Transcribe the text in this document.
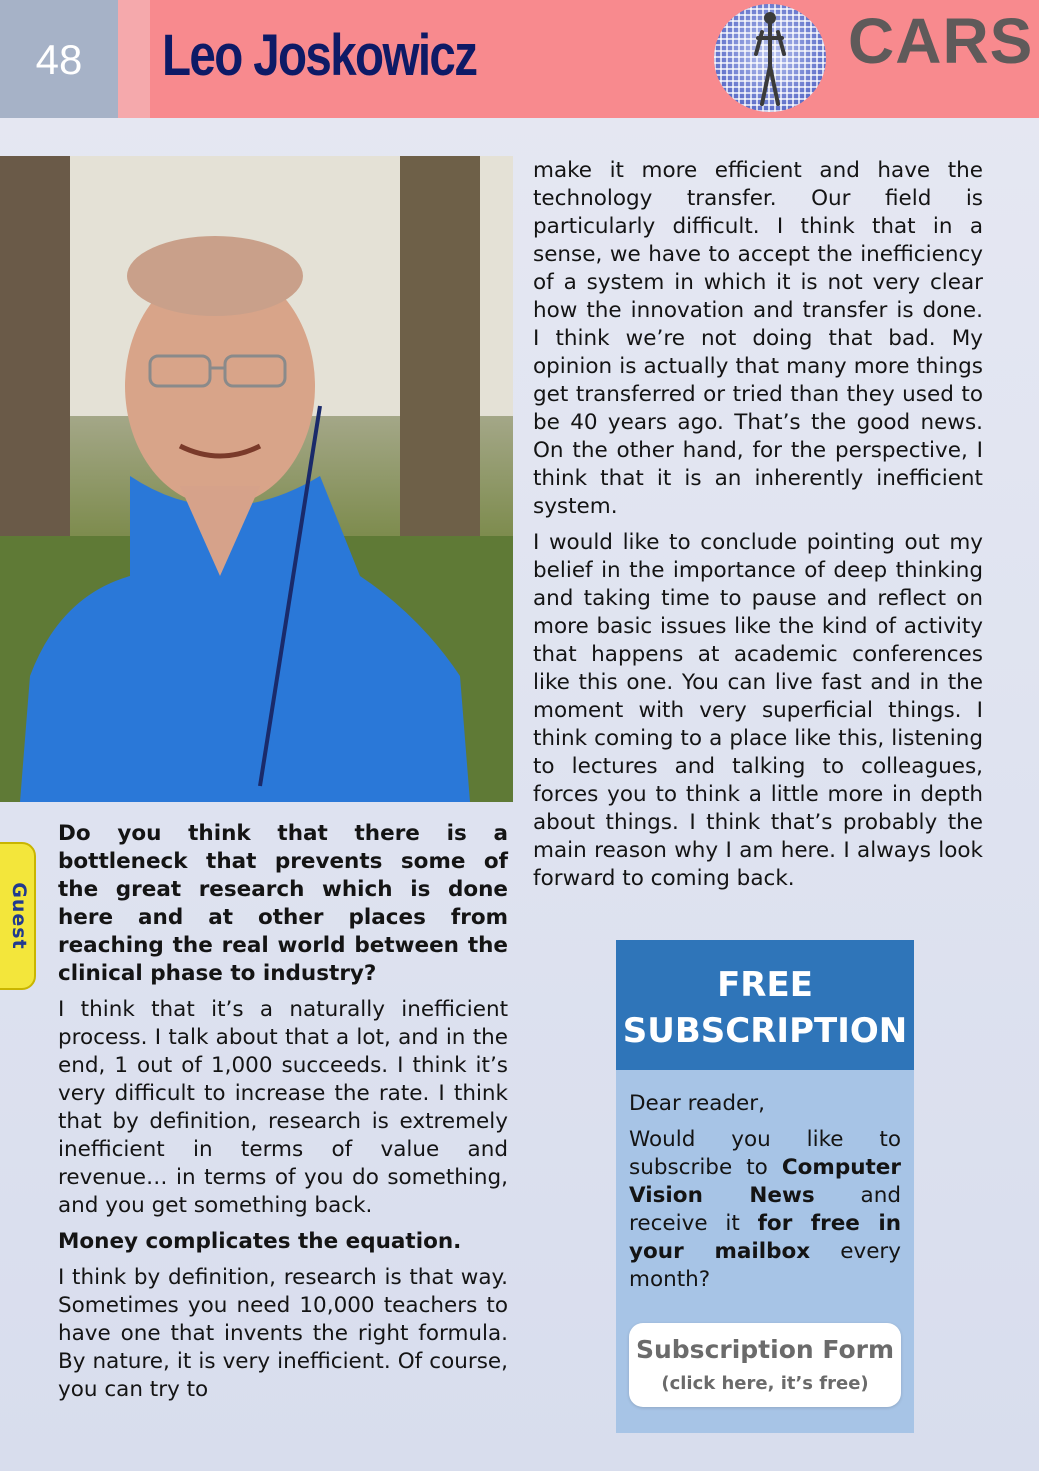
48	Leo Joskowicz	CARS
Guest

Do you think that there is a bottleneck that prevents some of the great research which is done here and at other places from reaching the real world between the clinical phase to industry?

I think that it’s a naturally inefficient process. I talk about that a lot, and in the end, 1 out of 1,000 succeeds. I think it’s very difficult to increase the rate. I think that by definition, research is extremely inefficient in terms of value and revenue… in terms of you do something, and you get something back.

Money complicates the equation.

I think by definition, research is that way. Sometimes you need 10,000 teachers to have one that invents the right formula. By nature, it is very inefficient. Of course, you can try to

make it more efficient and have the technology transfer. Our field is particularly difficult. I think that in a sense, we have to accept the inefficiency of a system in which it is not very clear how the innovation and transfer is done. I think we’re not doing that bad. My opinion is actually that many more things get transferred or tried than they used to be 40 years ago. That’s the good news. On the other hand, for the perspective, I think that it is an inherently inefficient system.

I would like to conclude pointing out my belief in the importance of deep thinking and taking time to pause and reflect on more basic issues like the kind of activity that happens at academic conferences like this one. You can live fast and in the moment with very superficial things. I think coming to a place like this, listening to lectures and talking to colleagues, forces you to think a little more in depth about things. I think that’s probably the main reason why I am here. I always look forward to coming back.

FREE
SUBSCRIPTION

Dear reader,

Would you like to subscribe to Computer Vision News and receive it for free in your mailbox every month?

Subscription Form
(click here, it’s free)
